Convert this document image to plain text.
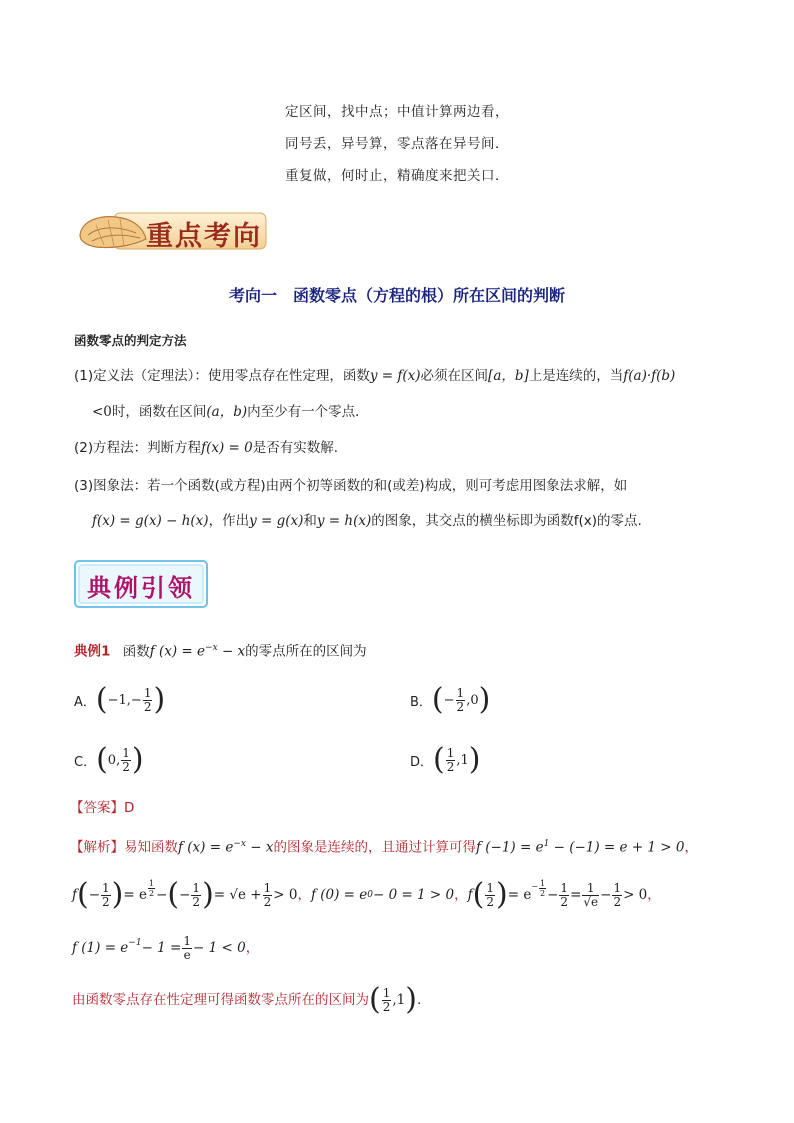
定区间，找中点；中值计算两边看，
同号丢，异号算，零点落在异号间．
重复做，何时止，精确度来把关口．
重点考向
考向一　函数零点（方程的根）所在区间的判断
函数零点的判定方法
(1)定义法（定理法）：使用零点存在性定理，函数y = f(x)必须在区间[a，b]上是连续的，当f(a)·f(b)
<0时，函数在区间(a，b)内至少有一个零点．
(2)方程法：判断方程f(x) = 0是否有实数解．
(3)图象法：若一个函数(或方程)由两个初等函数的和(或差)构成，则可考虑用图象法求解，如
f(x) = g(x) − h(x)，作出y = g(x)和y = h(x)的图象，其交点的横坐标即为函数f(x)的零点.
典例引领
典例1 函数f $(x) = e^{-x} - x$的零点所在的区间为
A． ( $-1,- \frac{1}{2}$ )	B． ( − $\frac{1}{2} ,0$ )
C． ( 0, $\frac{1}{2}$ )	D． ( $\frac{1}{2} ,1$ )
【答案】D
【解析】易知函数f $(x) = e^{-x} - x$的图象是连续的，且通过计算可得f $(-1) = e^1 - (-1) = e + 1 > 0$，
f ( − $\frac{1}{2}$ ) = e $\frac{1}{2}$ − ( − $\frac{1}{2}$ ) = $√e + \frac{1}{2} > 0$ ， f (0) = e 0 − 0 = 1 > 0 ， f ( $\frac{1}{2}$ ) = e
− $\frac{1}{2} - \frac{1}{2} = \frac{1}{√e} - \frac{1}{2} > 0$ ，
f $(1) = e -1 - 1 = \frac{1}{e} - 1 < 0$ ，
由函数零点存在性定理可得函数零点所在的区间为 ( $\frac{1}{2} ,1$ ) .
